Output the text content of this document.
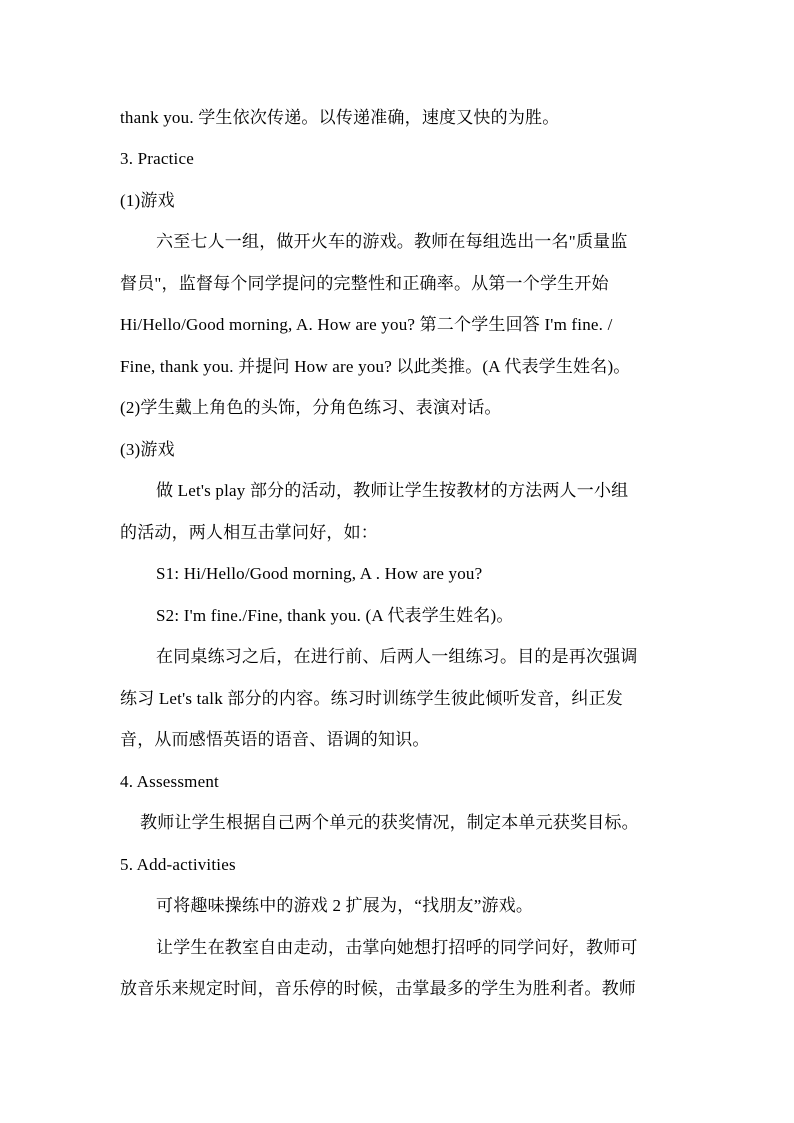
thank you. 学生依次传递。以传递准确，速度又快的为胜。
3. Practice
(1)游戏
六至七人一组，做开火车的游戏。教师在每组选出一名"质量监
督员"，监督每个同学提问的完整性和正确率。从第一个学生开始
Hi/Hello/Good morning, A. How are you? 第二个学生回答 I'm fine. /
Fine, thank you. 并提问 How are you? 以此类推。(A 代表学生姓名)。
(2)学生戴上角色的头饰，分角色练习、表演对话。
(3)游戏
做 Let's play 部分的活动，教师让学生按教材的方法两人一小组
的活动，两人相互击掌问好，如：
S1: Hi/Hello/Good morning, A . How are you?
S2: I'm fine./Fine, thank you. (A 代表学生姓名)。
在同桌练习之后，在进行前、后两人一组练习。目的是再次强调
练习 Let's talk 部分的内容。练习时训练学生彼此倾听发音，纠正发
音，从而感悟英语的语音、语调的知识。
4. Assessment
教师让学生根据自己两个单元的获奖情况，制定本单元获奖目标。
5. Add-activities
可将趣味操练中的游戏 2 扩展为，“找朋友”游戏。
让学生在教室自由走动，击掌向她想打招呼的同学问好，教师可
放音乐来规定时间，音乐停的时候，击掌最多的学生为胜利者。教师
